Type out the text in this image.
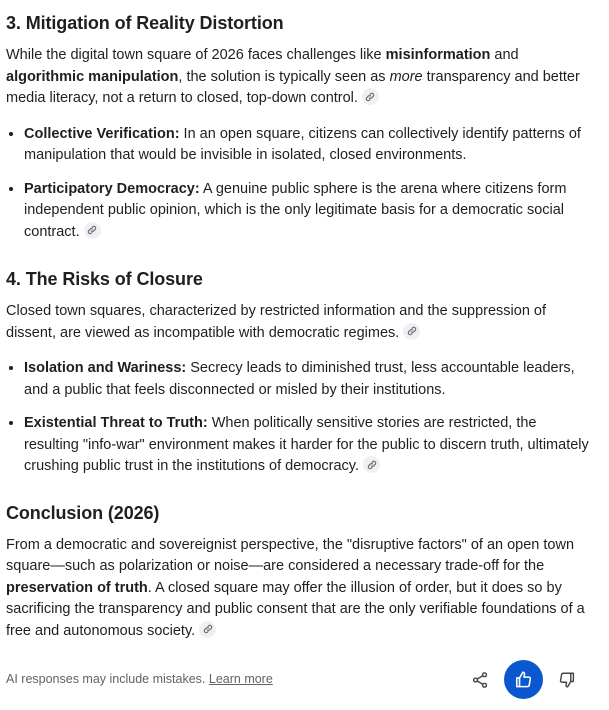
3. Mitigation of Reality Distortion

While the digital town square of 2026 faces challenges like misinformation and algorithmic manipulation, the solution is typically seen as more transparency and better media literacy, not a return to closed, top-down control.

• Collective Verification: In an open square, citizens can collectively identify patterns of manipulation that would be invisible in isolated, closed environments.
• Participatory Democracy: A genuine public sphere is the arena where citizens form independent public opinion, which is the only legitimate basis for a democratic social contract.
4. The Risks of Closure

Closed town squares, characterized by restricted information and the suppression of dissent, are viewed as incompatible with democratic regimes.

• Isolation and Wariness: Secrecy leads to diminished trust, less accountable leaders, and a public that feels disconnected or misled by their institutions.
• Existential Threat to Truth: When politically sensitive stories are restricted, the resulting "info-war" environment makes it harder for the public to discern truth, ultimately crushing public trust in the institutions of democracy.
Conclusion (2026)

From a democratic and sovereignist perspective, the "disruptive factors" of an open town square—such as polarization or noise—are considered a necessary trade-off for the preservation of truth. A closed square may offer the illusion of order, but it does so by sacrificing the transparency and public consent that are the only verifiable foundations of a free and autonomous society.

AI responses may include mistakes. Learn more
